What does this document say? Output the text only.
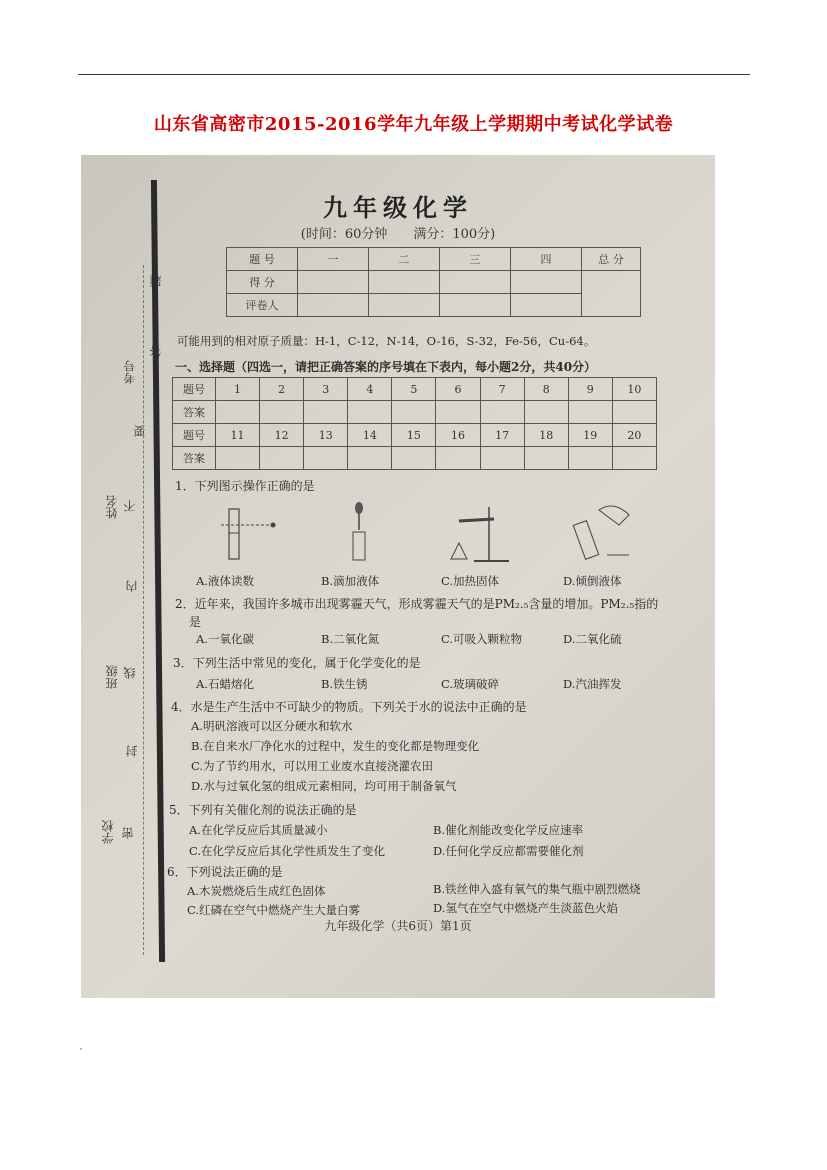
山东省高密市2015-2016学年九年级上学期期中考试化学试卷
考号
答
题
要
姓名 不
内
班级 线
封
学校 密
九年级化学
(时间：60分钟　　满分：100分)
题 号	一	二	三	四	总 分
得 分					
评卷人					
可能用到的相对原子质量：H-1，C-12，N-14，O-16，S-32，Fe-56，Cu-64。
一、选择题（四选一，请把正确答案的序号填在下表内，每小题2分，共40分）
题号	1	2	3	4	5	6	7	8	9	10
答案										
题号	11	12	13	14	15	16	17	18	19	20
答案										
1．下列图示操作正确的是
A.液体读数	B.滴加液体	C.加热固体	D.倾倒液体
2．近年来，我国许多城市出现雾霾天气，形成雾霾天气的是PM₂.₅含量的增加。PM₂.₅指的
是
A.一氧化碳	B.二氧化氮	C.可吸入颗粒物	D.二氧化硫
3．下列生活中常见的变化，属于化学变化的是
A.石蜡熔化	B.铁生锈	C.玻璃破碎	D.汽油挥发
4．水是生产生活中不可缺少的物质。下列关于水的说法中正确的是
A.明矾溶液可以区分硬水和软水
B.在自来水厂净化水的过程中，发生的变化都是物理变化
C.为了节约用水，可以用工业废水直接浇灌农田
D.水与过氧化氢的组成元素相同，均可用于制备氧气
5．下列有关催化剂的说法正确的是
A.在化学反应后其质量减小	B.催化剂能改变化学反应速率
C.在化学反应后其化学性质发生了变化	D.任何化学反应都需要催化剂
6．下列说法正确的是
A.木炭燃烧后生成红色固体	B.铁丝伸入盛有氧气的集气瓶中剧烈燃烧
C.红磷在空气中燃烧产生大量白雾	D.氢气在空气中燃烧产生淡蓝色火焰
九年级化学（共6页）第1页
